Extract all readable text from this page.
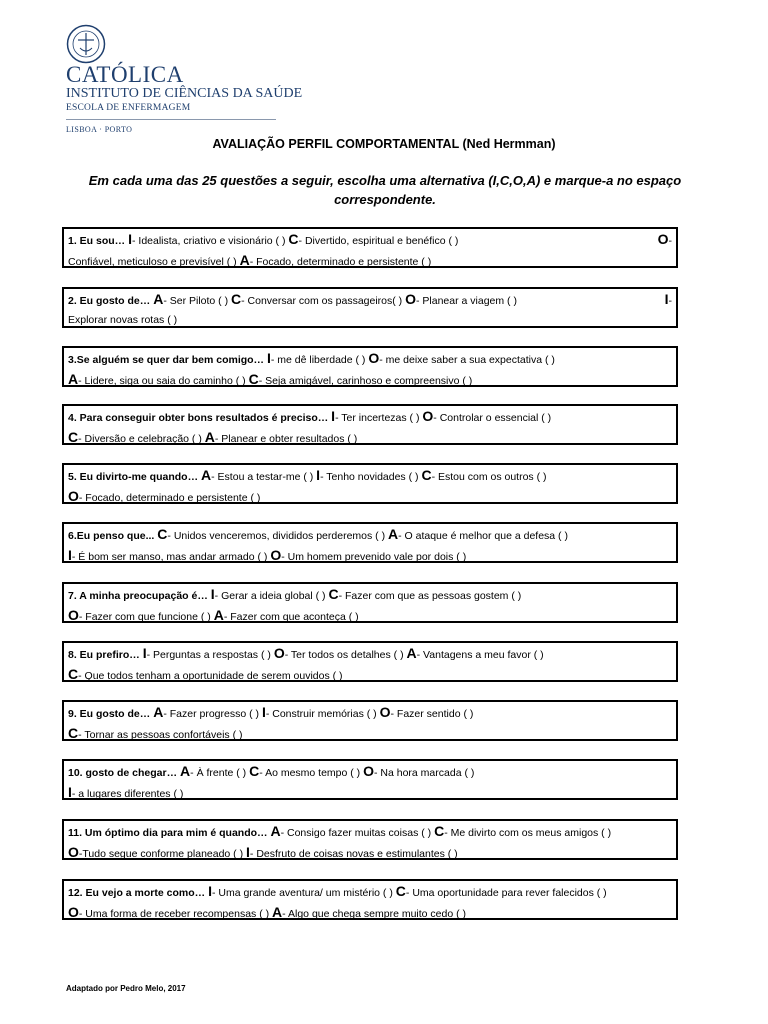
CATÓLICA
INSTITUTO DE CIÊNCIAS DA SAÚDE
ESCOLA DE ENFERMAGEM
LISBOA · PORTO
AVALIAÇÃO PERFIL COMPORTAMENTAL (Ned Hermman)
Em cada uma das 25 questões a seguir, escolha uma alternativa (I,C,O,A) e marque-a no espaço correspondente.
1. Eu sou… I- Idealista, criativo e visionário ( ) C- Divertido, espiritual e benéfico ( )	O-
Confiável, meticuloso e previsível ( ) A- Focado, determinado e persistente ( )
2. Eu gosto de… A- Ser Piloto ( ) C- Conversar com os passageiros( ) O- Planear a viagem ( )	I-
Explorar novas rotas ( )
3.Se alguém se quer dar bem comigo… I- me dê liberdade ( ) O- me deixe saber a sua expectativa ( )
A- Lidere, siga ou saia do caminho ( ) C- Seja amigável, carinhoso e compreensivo ( )
4. Para conseguir obter bons resultados é preciso… I- Ter incertezas ( ) O- Controlar o essencial ( )
C- Diversão e celebração ( ) A- Planear e obter resultados ( )
5. Eu divirto-me quando… A- Estou a testar-me ( ) I- Tenho novidades ( ) C- Estou com os outros ( )
O- Focado, determinado e persistente ( )
6.Eu penso que... C- Unidos venceremos, divididos perderemos ( ) A- O ataque é melhor que a defesa ( )
I- É bom ser manso, mas andar armado ( ) O- Um homem prevenido vale por dois ( )
7. A minha preocupação é… I- Gerar a ideia global ( ) C- Fazer com que as pessoas gostem ( )
O- Fazer com que funcione ( ) A- Fazer com que aconteça ( )
8. Eu prefiro… I- Perguntas a respostas ( ) O- Ter todos os detalhes ( ) A- Vantagens a meu favor ( )
C- Que todos tenham a oportunidade de serem ouvidos ( )
9. Eu gosto de… A- Fazer progresso ( ) I- Construir memórias ( ) O- Fazer sentido ( )
C- Tornar as pessoas confortáveis ( )
10. gosto de chegar… A- À frente ( ) C- Ao mesmo tempo ( ) O- Na hora marcada ( )
I- a lugares diferentes ( )
11. Um óptimo dia para mim é quando… A- Consigo fazer muitas coisas ( ) C- Me divirto com os meus amigos ( )
O-Tudo segue conforme planeado ( ) I- Desfruto de coisas novas e estimulantes ( )
12. Eu vejo a morte como… I- Uma grande aventura/ um mistério ( ) C- Uma oportunidade para rever falecidos ( )
O- Uma forma de receber recompensas ( ) A- Algo que chega sempre muito cedo ( )
Adaptado por Pedro Melo, 2017
